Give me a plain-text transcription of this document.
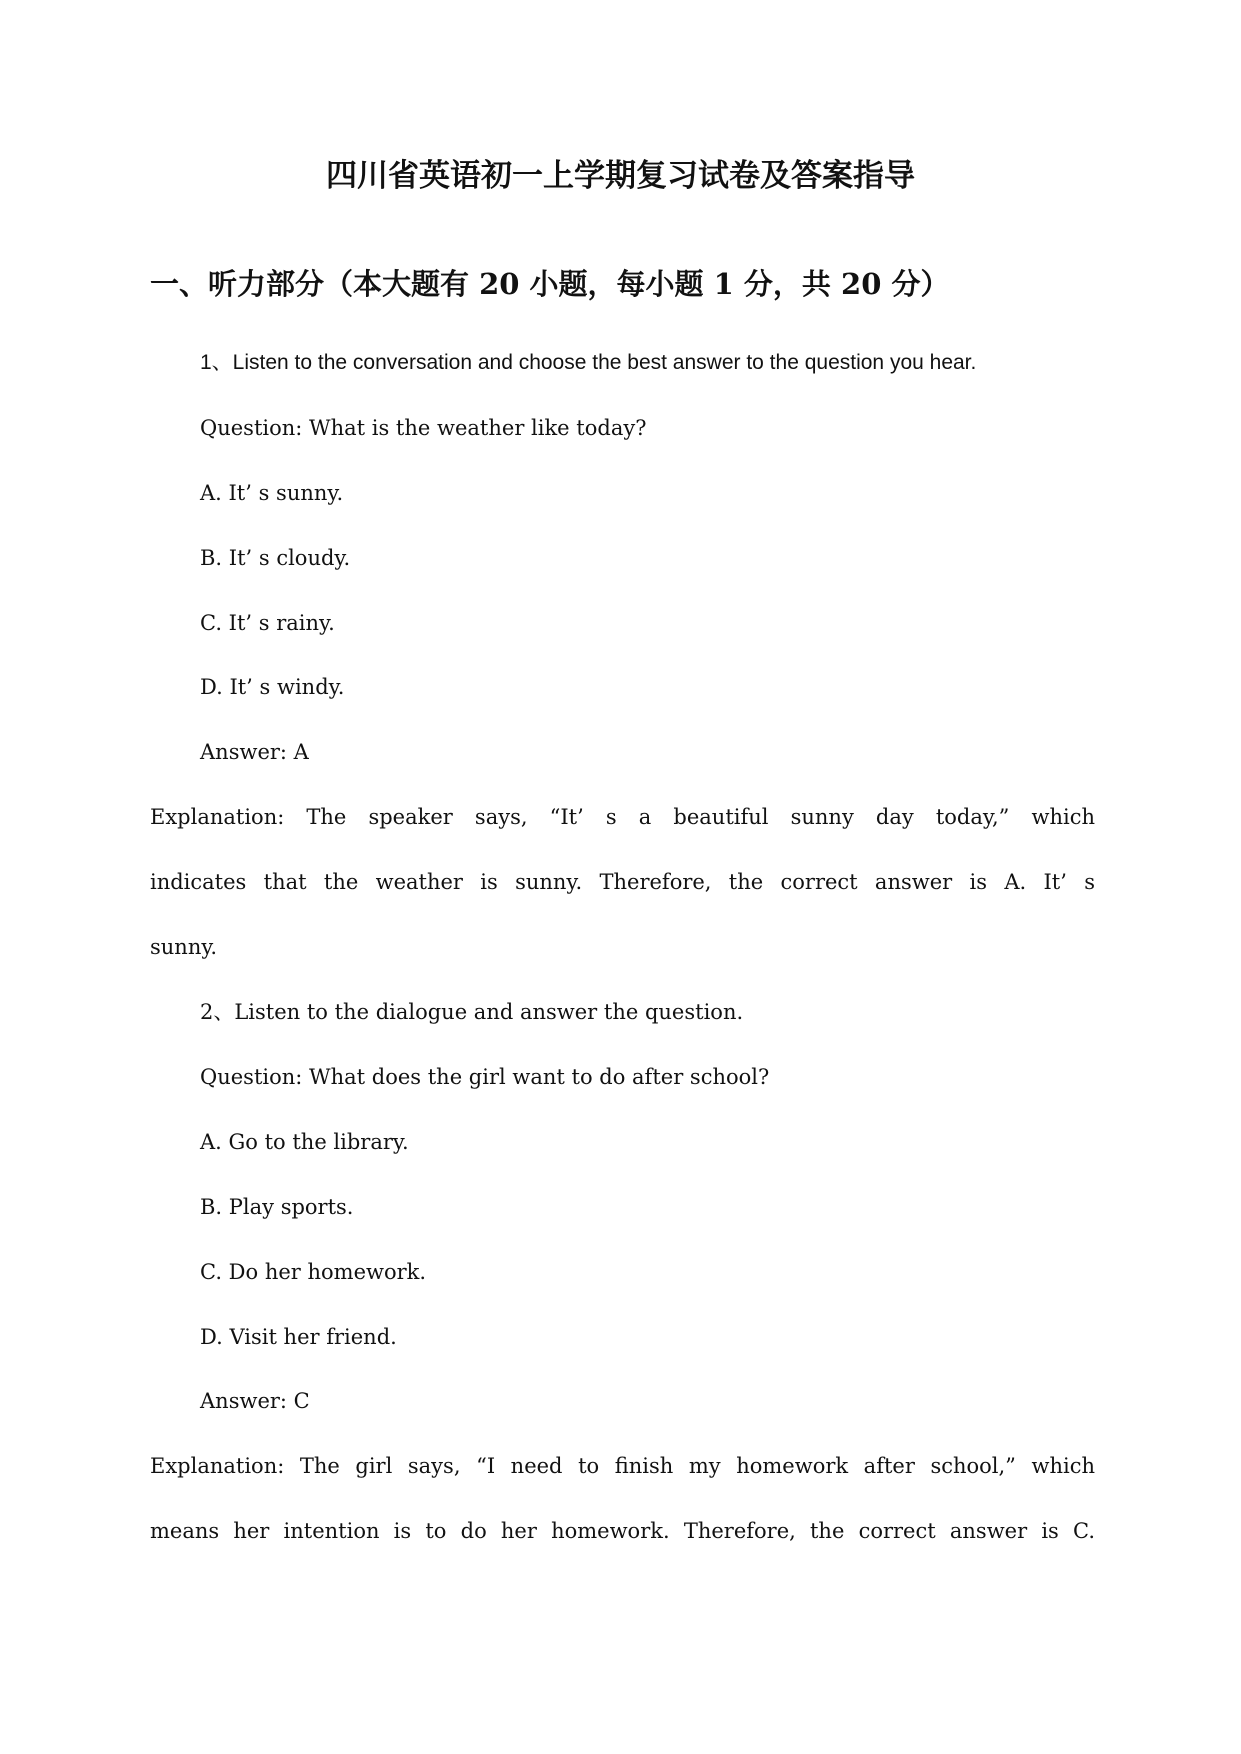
四川省英语初一上学期复习试卷及答案指导
一、听力部分（本大题有 20 小题，每小题 1 分，共 20 分）

1、Listen to the conversation and choose the best answer to the question you hear.

Question: What is the weather like today?

A. It’ s sunny.

B. It’ s cloudy.

C. It’ s rainy.

D. It’ s windy.

Answer: A

Explanation: The speaker says, “It’ s a beautiful sunny day today,” which

indicates that the weather is sunny. Therefore, the correct answer is A. It’ s

sunny.

2、Listen to the dialogue and answer the question.

Question: What does the girl want to do after school?

A. Go to the library.

B. Play sports.

C. Do her homework.

D. Visit her friend.

Answer: C

Explanation: The girl says, “I need to finish my homework after school,” which

means her intention is to do her homework. Therefore, the correct answer is C.
